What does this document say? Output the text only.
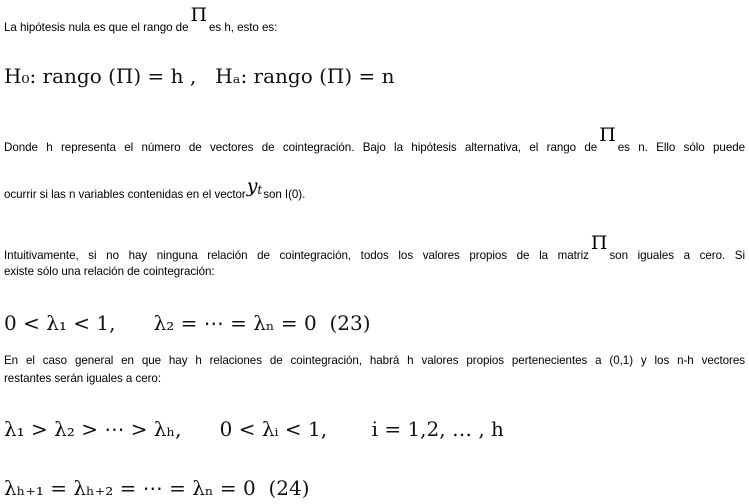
La hipótesis nula es que el rango deΠes h, esto es:
H₀: rango (Π) = h ,   Hₐ: rango (Π) = n
Donde h representa el número de vectores de cointegración. Bajo la hipótesis alternativa, el rango deΠes n. Ello sólo puede
ocurrir si las n variables contenidas en el vectorytson I(0).
Intuitivamente, si no hay ninguna relación de cointegración, todos los valores propios de la matrizΠson iguales a cero. Si
existe sólo una relación de cointegración:
0 < λ₁ < 1,      λ₂ = ⋯ = λₙ = 0  (23)
En el caso general en que hay h relaciones de cointegración, habrá h valores propios pertenecientes a (0,1) y los n-h vectores
restantes serán iguales a cero:
λ₁ > λ₂ > ⋯ > λₕ,      0 < λᵢ < 1,       i = 1,2, … , h
λₕ₊₁ = λₕ₊₂ = ⋯ = λₙ = 0  (24)
